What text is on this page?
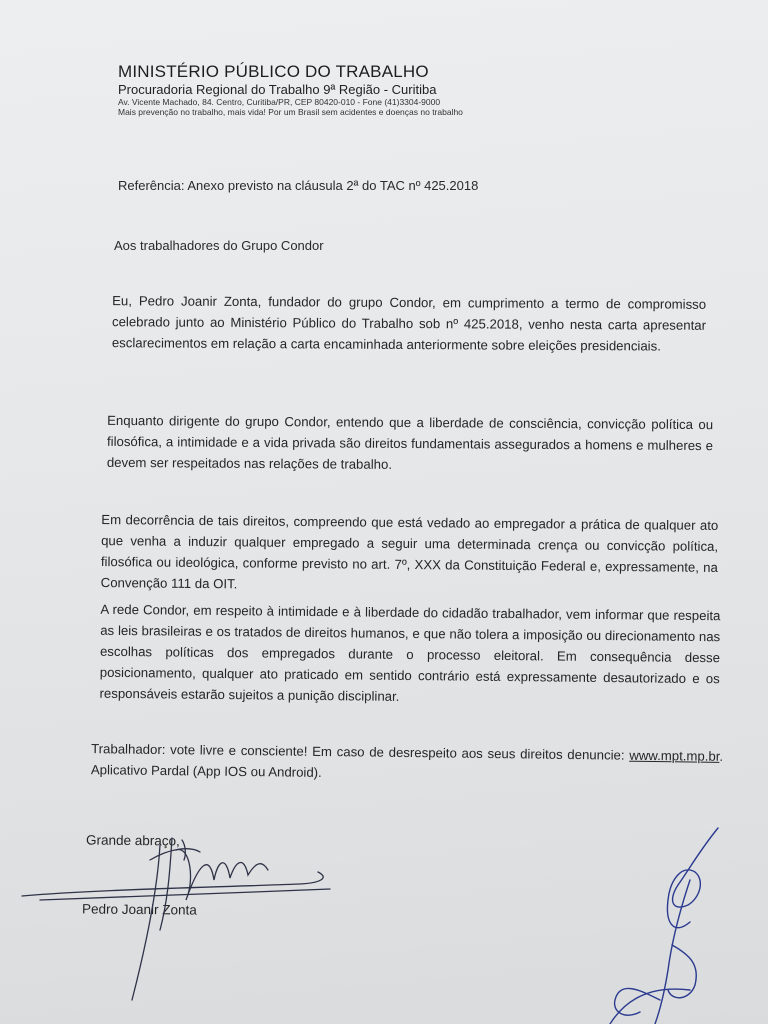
MINISTÉRIO PÚBLICO DO TRABALHO
Procuradoria Regional do Trabalho 9ª Região - Curitiba
Av. Vicente Machado, 84. Centro, Curitiba/PR, CEP 80420-010 - Fone (41)3304-9000
Mais prevenção no trabalho, mais vida! Por um Brasil sem acidentes e doenças no trabalho
Referência: Anexo previsto na cláusula 2ª do TAC nº 425.2018
Aos trabalhadores do Grupo Condor

Eu, Pedro Joanir Zonta, fundador do grupo Condor, em cumprimento a termo de compromisso celebrado junto ao Ministério Público do Trabalho sob nº 425.2018, venho nesta carta apresentar esclarecimentos em relação a carta encaminhada anteriormente sobre eleições presidenciais.

Enquanto dirigente do grupo Condor, entendo que a liberdade de consciência, convicção política ou filosófica, a intimidade e a vida privada são direitos fundamentais assegurados a homens e mulheres e devem ser respeitados nas relações de trabalho.

Em decorrência de tais direitos, compreendo que está vedado ao empregador a prática de qualquer ato que venha a induzir qualquer empregado a seguir uma determinada crença ou convicção política, filosófica ou ideológica, conforme previsto no art. 7º, XXX da Constituição Federal e, expressamente, na Convenção 111 da OIT.

A rede Condor, em respeito à intimidade e à liberdade do cidadão trabalhador, vem informar que respeita as leis brasileiras e os tratados de direitos humanos, e que não tolera a imposição ou direcionamento nas escolhas políticas dos empregados durante o processo eleitoral. Em consequência desse posicionamento, qualquer ato praticado em sentido contrário está expressamente desautorizado e os responsáveis estarão sujeitos a punição disciplinar.

Trabalhador: vote livre e consciente! Em caso de desrespeito aos seus direitos denuncie: www.mpt.mp.br. Aplicativo Pardal (App IOS ou Android).

Grande abraço,
Pedro Joanir Zonta
